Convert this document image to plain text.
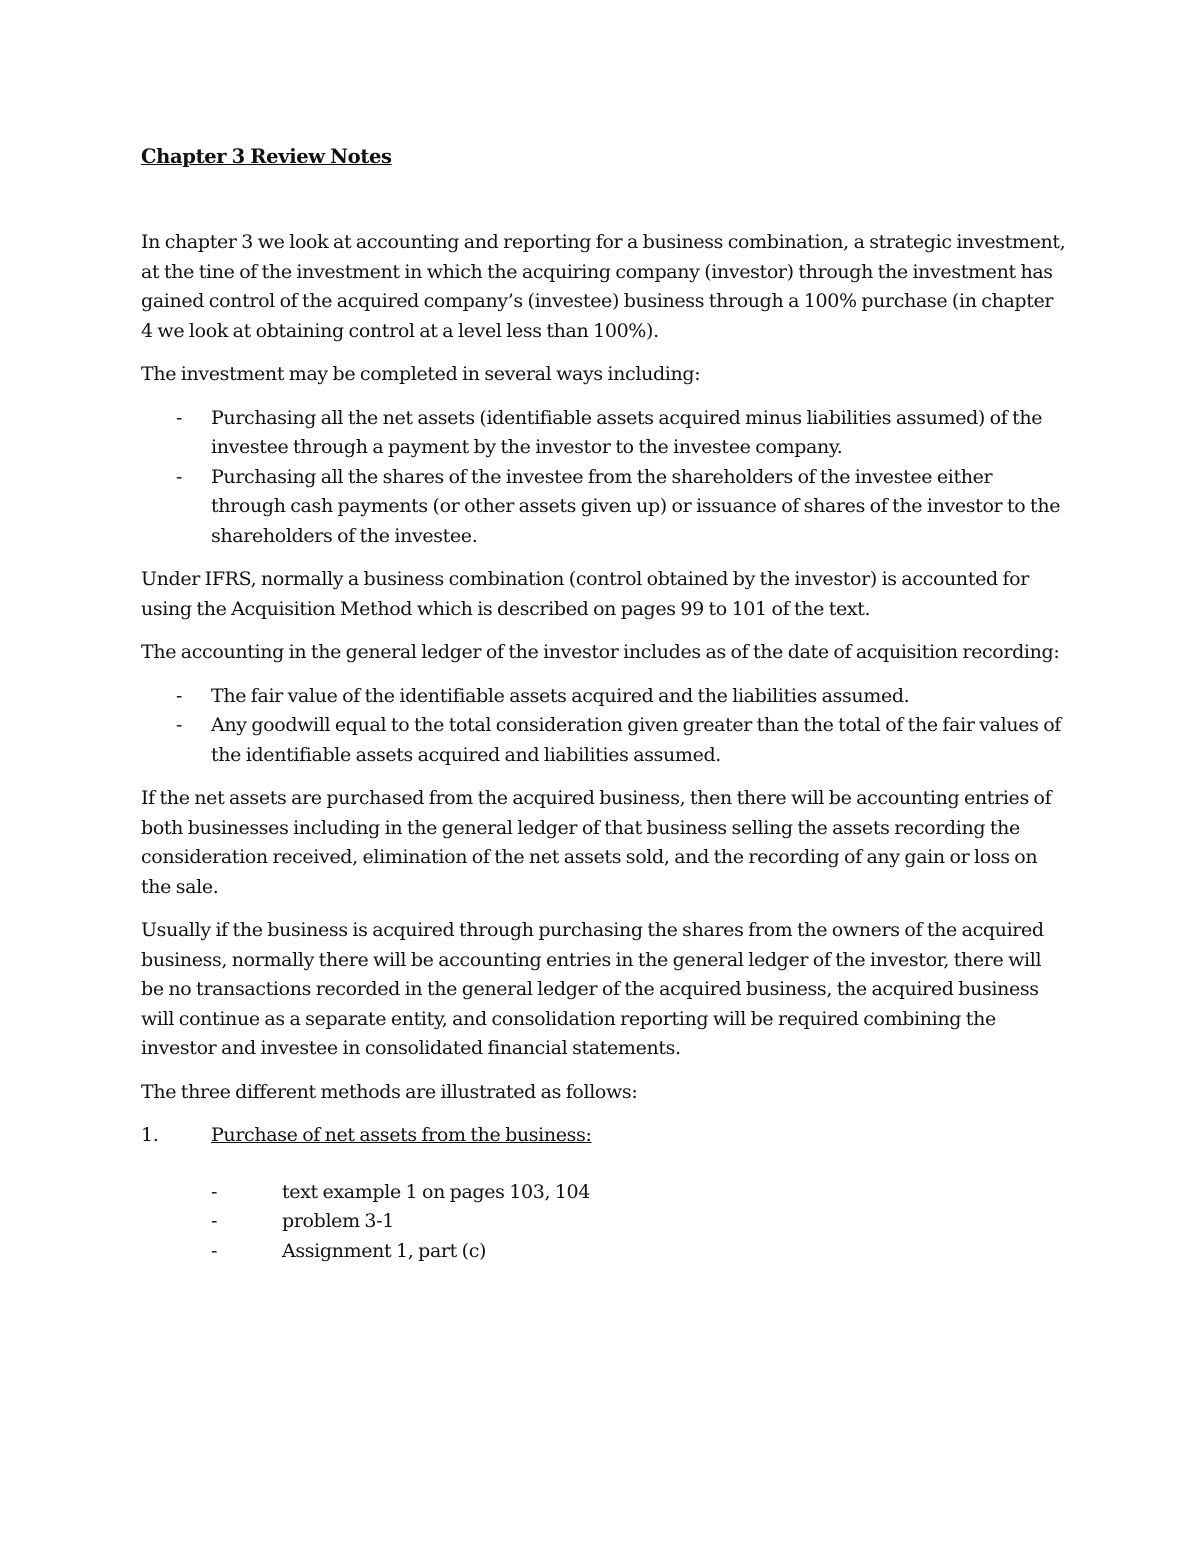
Chapter 3 Review Notes

In chapter 3 we look at accounting and reporting for a business combination, a strategic investment, at the tine of the investment in which the acquiring company (investor) through the investment has gained control of the acquired company’s (investee) business through a 100% purchase (in chapter 4 we look at obtaining control at a level less than 100%).

The investment may be completed in several ways including:

- Purchasing all the net assets (identifiable assets acquired minus liabilities assumed) of the investee through a payment by the investor to the investee company.
- Purchasing all the shares of the investee from the shareholders of the investee either through cash payments (or other assets given up) or issuance of shares of the investor to the shareholders of the investee.

Under IFRS, normally a business combination (control obtained by the investor) is accounted for using the Acquisition Method which is described on pages 99 to 101 of the text.

The accounting in the general ledger of the investor includes as of the date of acquisition recording:

- The fair value of the identifiable assets acquired and the liabilities assumed.
- Any goodwill equal to the total consideration given greater than the total of the fair values of the identifiable assets acquired and liabilities assumed.

If the net assets are purchased from the acquired business, then there will be accounting entries of both businesses including in the general ledger of that business selling the assets recording the consideration received, elimination of the net assets sold, and the recording of any gain or loss on the sale.

Usually if the business is acquired through purchasing the shares from the owners of the acquired business, normally there will be accounting entries in the general ledger of the investor, there will be no transactions recorded in the general ledger of the acquired business, the acquired business will continue as a separate entity, and consolidation reporting will be required combining the investor and investee in consolidated financial statements.

The three different methods are illustrated as follows:

1.	Purchase of net assets from the business:
-	text example 1 on pages 103, 104
-	problem 3-1
-	Assignment 1, part (c)
